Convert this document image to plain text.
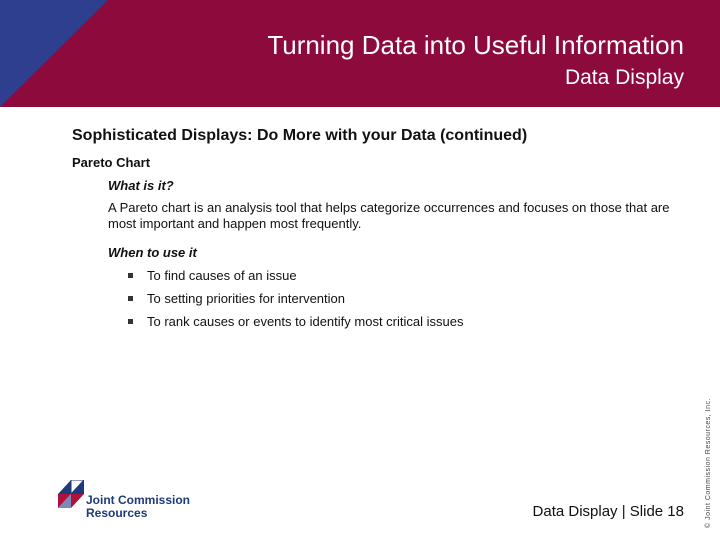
Turning Data into Useful Information
Data Display
Sophisticated Displays: Do More with your Data (continued)
Pareto Chart
What is it?
A Pareto chart is an analysis tool that helps categorize occurrences and focuses on those that are most important and happen most frequently.
When to use it
To find causes of an issue
To setting priorities for intervention
To rank causes or events to identify most critical issues
© Joint Commission Resources, Inc.
Joint Commission
Resources	Data Display | Slide 18
